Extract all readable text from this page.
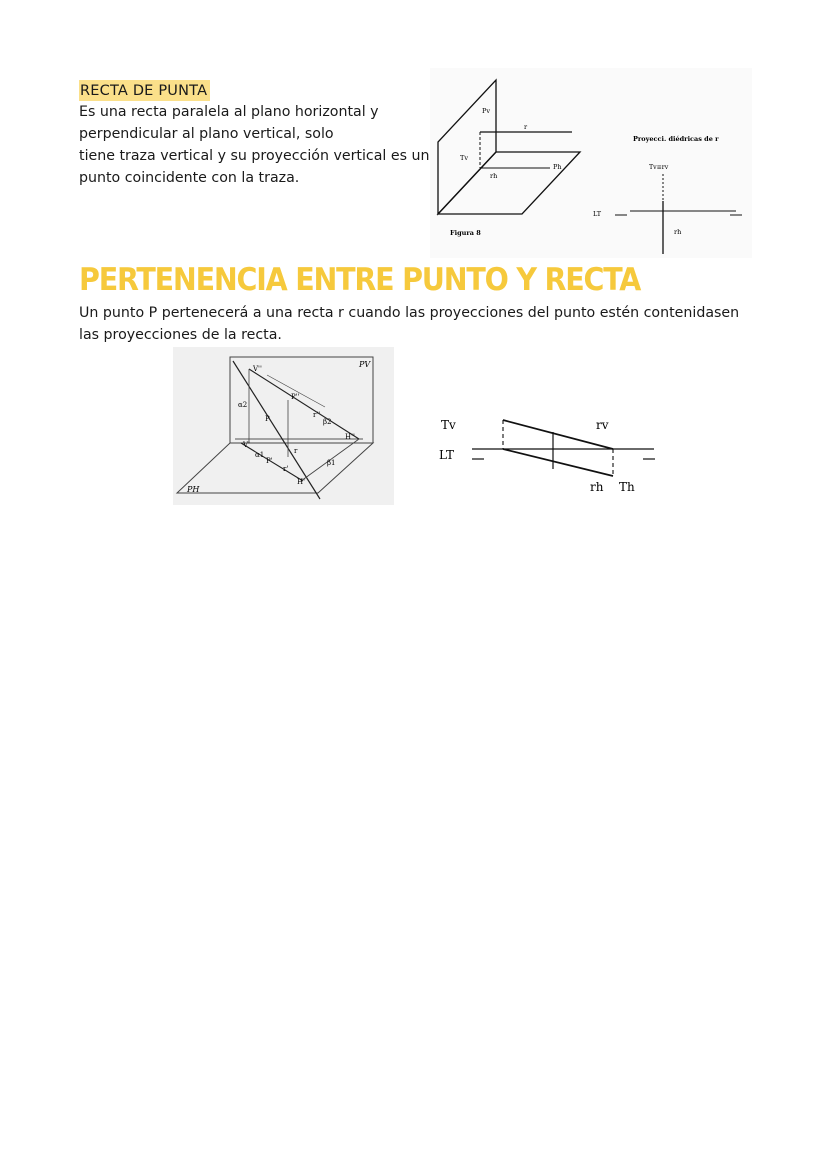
RECTA DE PUNTA

Es una recta paralela al plano horizontal y
perpendicular al plano vertical, solo
tiene traza vertical y su proyección vertical es un
punto coincidente con la traza.

Pv
r
Tv
Ph
rh
Figura 8
Proyecci. diédricas de r
Tv≡rv
LT
rh
PERTENENCIA ENTRE PUNTO Y RECTA
Un punto P pertenecerá a una recta r cuando las proyecciones del punto estén contenidasen
las proyecciones de la recta.
PV
V''
P''
α2
P	r''
β2
H''
V'
α1
P'
r
r'
β1
H'
PH
Tv	rv
LT
rh Th
